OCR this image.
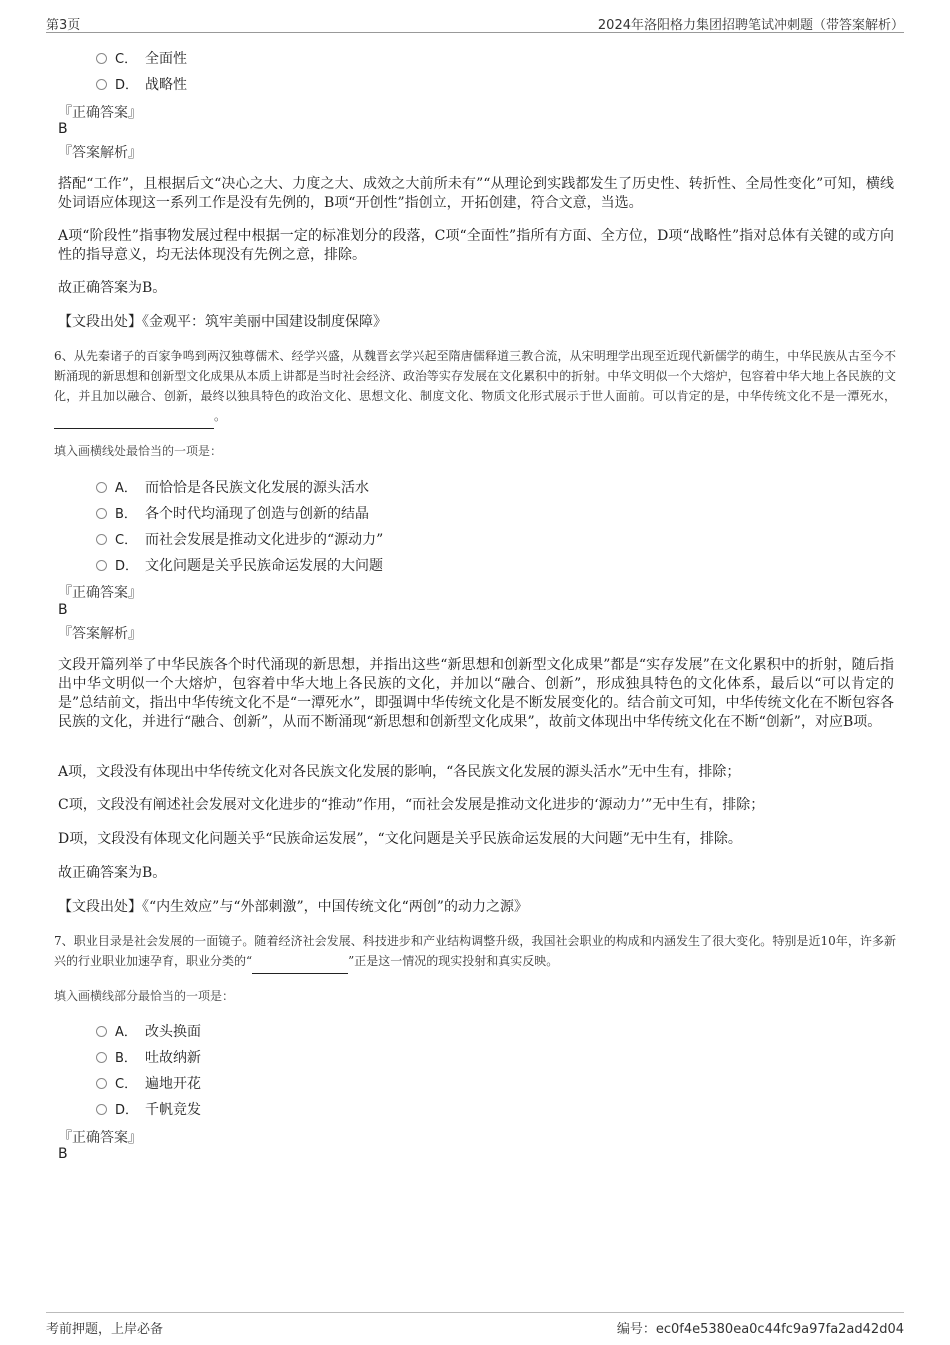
第3页	2024年洛阳格力集团招聘笔试冲刺题（带答案解析）
C． 全面性
D． 战略性
『正确答案』
B
『答案解析』
搭配“工作”，且根据后文“决心之大、力度之大、成效之大前所未有”“从理论到实践都发生了历史性、转折性、全局性变化”可知，横线处词语应体现这一系列工作是没有先例的，B项“开创性”指创立，开拓创建，符合文意，当选。
A项“阶段性”指事物发展过程中根据一定的标准划分的段落，C项“全面性”指所有方面、全方位，D项“战略性”指对总体有关键的或方向性的指导意义，均无法体现没有先例之意，排除。
故正确答案为B。
【文段出处】《金观平：筑牢美丽中国建设制度保障》
6、从先秦诸子的百家争鸣到两汉独尊儒术、经学兴盛，从魏晋玄学兴起至隋唐儒释道三教合流，从宋明理学出现至近现代新儒学的萌生，中华民族从古至今不断涌现的新思想和创新型文化成果从本质上讲都是当时社会经济、政治等实存发展在文化累积中的折射。中华文明似一个大熔炉，包容着中华大地上各民族的文化，并且加以融合、创新，最终以独具特色的政治文化、思想文化、制度文化、物质文化形式展示于世人面前。可以肯定的是，中华传统文化不是一潭死水， 。
填入画横线处最恰当的一项是：
A． 而恰恰是各民族文化发展的源头活水
B． 各个时代均涌现了创造与创新的结晶
C． 而社会发展是推动文化进步的“源动力”
D． 文化问题是关乎民族命运发展的大问题
『正确答案』
B
『答案解析』
文段开篇列举了中华民族各个时代涌现的新思想，并指出这些“新思想和创新型文化成果”都是“实存发展”在文化累积中的折射，随后指出中华文明似一个大熔炉，包容着中华大地上各民族的文化，并加以“融合、创新”，形成独具特色的文化体系，最后以“可以肯定的是”总结前文，指出中华传统文化不是“一潭死水”，即强调中华传统文化是不断发展变化的。结合前文可知，中华传统文化在不断包容各民族的文化，并进行“融合、创新”，从而不断涌现“新思想和创新型文化成果”，故前文体现出中华传统文化在不断“创新”，对应B项。
A项，文段没有体现出中华传统文化对各民族文化发展的影响，“各民族文化发展的源头活水”无中生有，排除；
C项，文段没有阐述社会发展对文化进步的“推动”作用，“而社会发展是推动文化进步的‘源动力’”无中生有，排除；
D项，文段没有体现文化问题关乎“民族命运发展”，“文化问题是关乎民族命运发展的大问题”无中生有，排除。
故正确答案为B。
【文段出处】《“内生效应”与“外部刺激”，中国传统文化“两创”的动力之源》
7、职业目录是社会发展的一面镜子。随着经济社会发展、科技进步和产业结构调整升级，我国社会职业的构成和内涵发生了很大变化。特别是近10年，许多新兴的行业职业加速孕育，职业分类的“	”正是这一情况的现实投射和真实反映。
填入画横线部分最恰当的一项是：
A． 改头换面
B． 吐故纳新
C． 遍地开花
D． 千帆竞发
『正确答案』
B
考前押题，上岸必备	编号：ec0f4e5380ea0c44fc9a97fa2ad42d04
